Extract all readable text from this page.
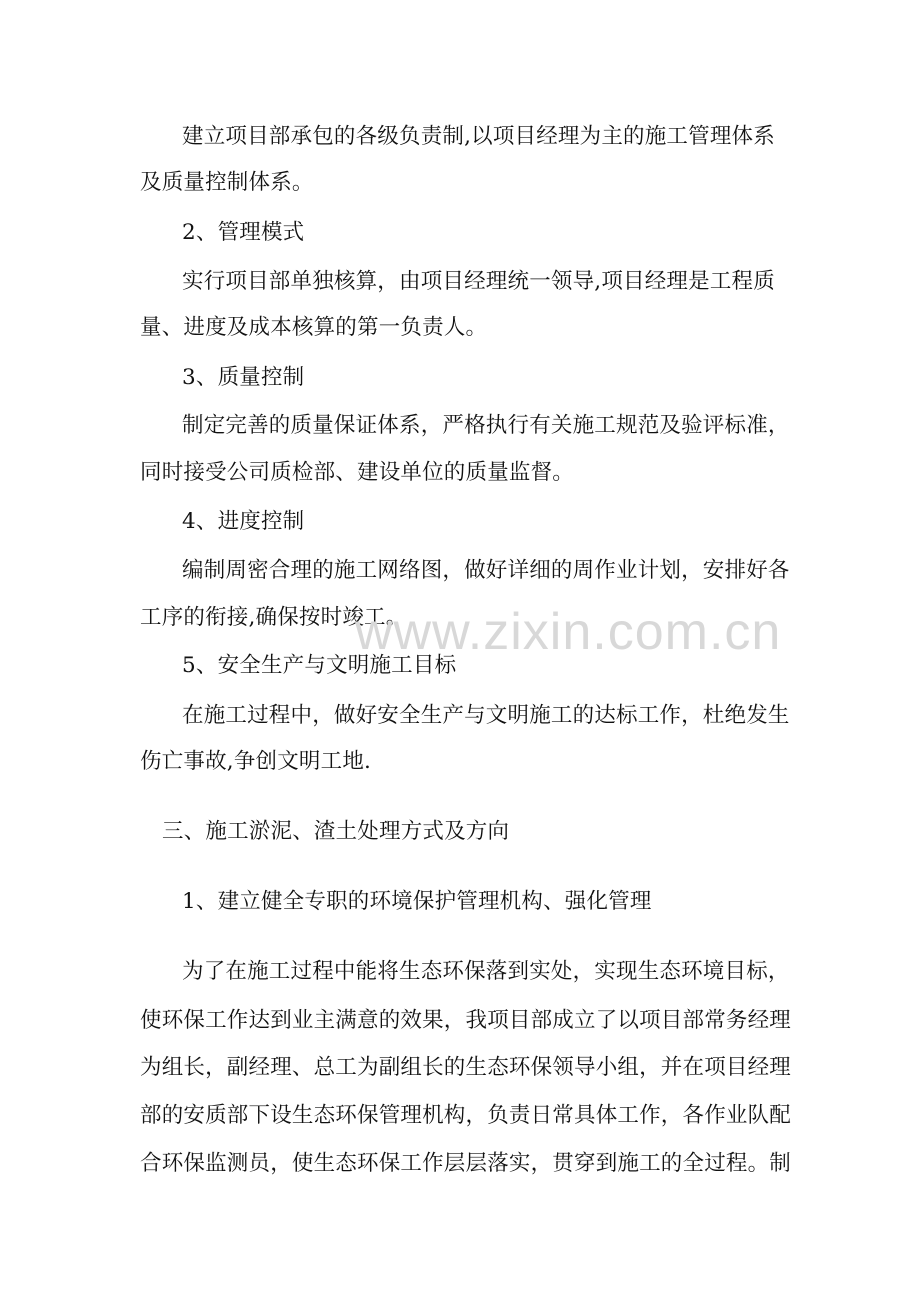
建立项目部承包的各级负责制,以项目经理为主的施工管理体系
及质量控制体系。
2、管理模式
实行项目部单独核算，由项目经理统一领导,项目经理是工程质
量、进度及成本核算的第一负责人。
3、质量控制
制定完善的质量保证体系，严格执行有关施工规范及验评标准，
同时接受公司质检部、建设单位的质量监督。
4、进度控制
编制周密合理的施工网络图，做好详细的周作业计划，安排好各
工序的衔接,确保按时竣工。
5、安全生产与文明施工目标
在施工过程中，做好安全生产与文明施工的达标工作，杜绝发生
伤亡事故,争创文明工地.
三、施工淤泥、渣土处理方式及方向
1、建立健全专职的环境保护管理机构、强化管理
为了在施工过程中能将生态环保落到实处，实现生态环境目标，
使环保工作达到业主满意的效果，我项目部成立了以项目部常务经理
为组长，副经理、总工为副组长的生态环保领导小组，并在项目经理
部的安质部下设生态环保管理机构，负责日常具体工作，各作业队配
合环保监测员，使生态环保工作层层落实，贯穿到施工的全过程。制
www.zixin.com.cn
